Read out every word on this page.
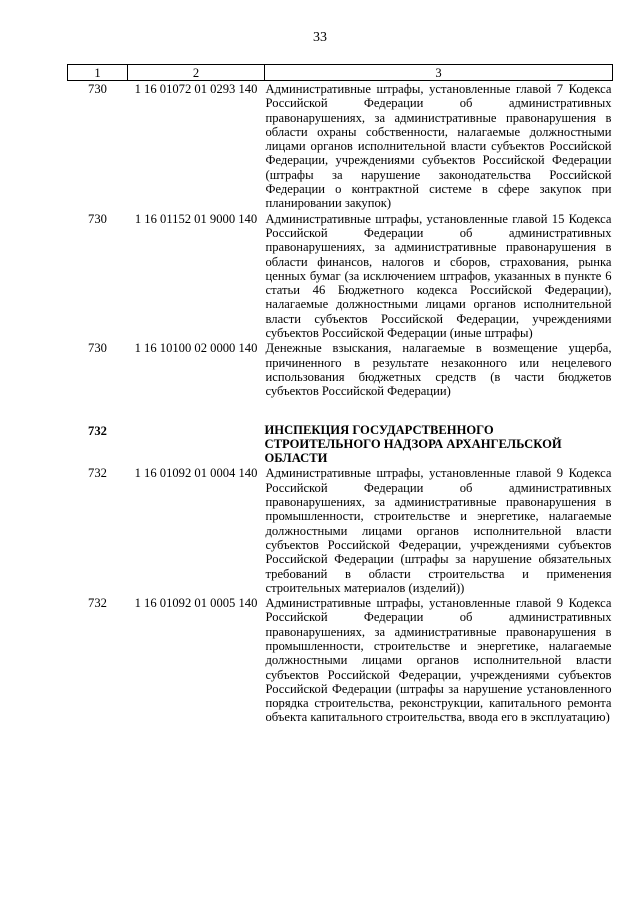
33
1	2	3
730	1 16 01072 01 0293 140	Административные штрафы, установленные главой 7 Кодекса Российской Федерации об административных правонарушениях, за административные правонарушения в области охраны собственности, налагаемые должностными лицами органов исполнительной власти субъектов Российской Федерации, учреждениями субъектов Российской Федерации (штрафы за нарушение законодательства Российской Федерации о контрактной системе в сфере закупок при планировании закупок)
730	1 16 01152 01 9000 140	Административные штрафы, установленные главой 15 Кодекса Российской Федерации об административных правонарушениях, за административные правонарушения в области финансов, налогов и сборов, страхования, рынка ценных бумаг (за исключением штрафов, указанных в пункте 6 статьи 46 Бюджетного кодекса Российской Федерации), налагаемые должностными лицами органов исполнительной власти субъектов Российской Федерации, учреждениями субъектов Российской Федерации (иные штрафы)
730	1 16 10100 02 0000 140	Денежные взыскания, налагаемые в возмещение ущерба, причиненного в результате незаконного или нецелевого использования бюджетных средств (в части бюджетов субъектов Российской Федерации)

732		ИНСПЕКЦИЯ ГОСУДАРСТВЕННОГО СТРОИТЕЛЬНОГО НАДЗОРА АРХАНГЕЛЬСКОЙ ОБЛАСТИ
732	1 16 01092 01 0004 140	Административные штрафы, установленные главой 9 Кодекса Российской Федерации об административных правонарушениях, за административные правонарушения в промышленности, строительстве и энергетике, налагаемые должностными лицами органов исполнительной власти субъектов Российской Федерации, учреждениями субъектов Российской Федерации (штрафы за нарушение обязательных требований в области строительства и применения строительных материалов (изделий))
732	1 16 01092 01 0005 140	Административные штрафы, установленные главой 9 Кодекса Российской Федерации об административных правонарушениях, за административные правонарушения в промышленности, строительстве и энергетике, налагаемые должностными лицами органов исполнительной власти субъектов Российской Федерации, учреждениями субъектов Российской Федерации (штрафы за нарушение установленного порядка строительства, реконструкции, капитального ремонта объекта капитального строительства, ввода его в эксплуатацию)
